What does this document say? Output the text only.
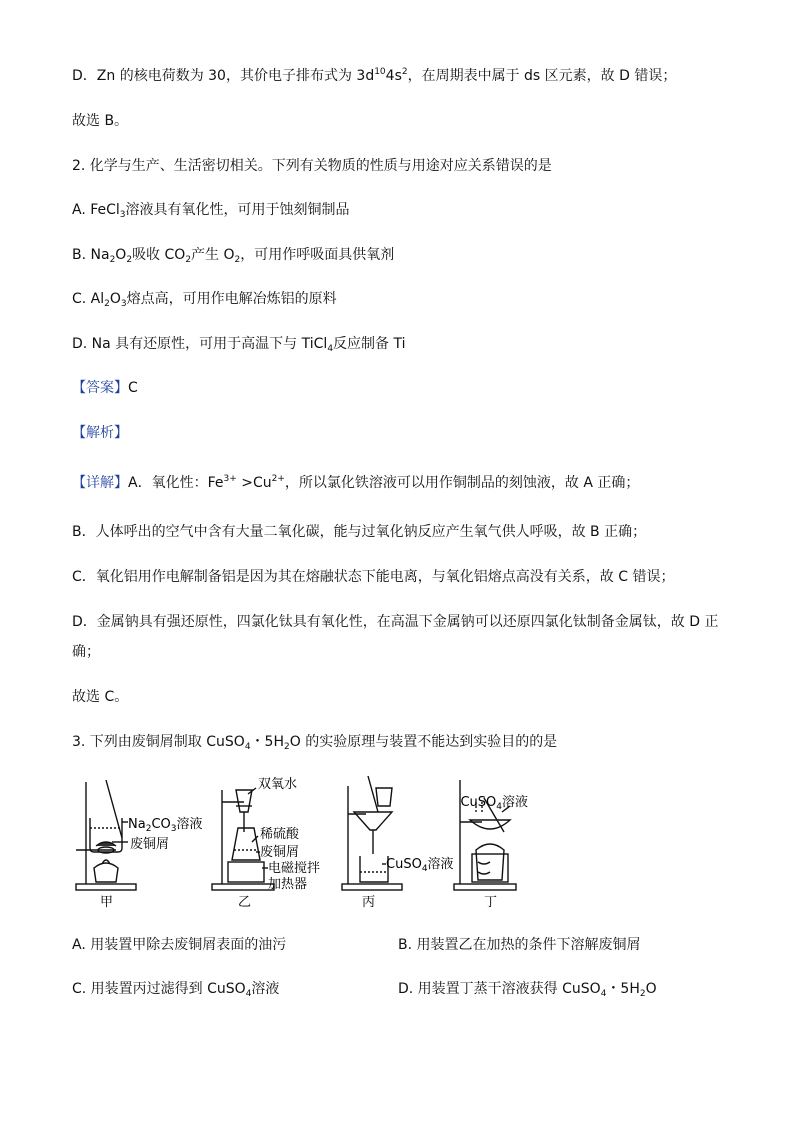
D．Zn 的核电荷数为 30，其价电子排布式为 $3d^{10}4s^2$，在周期表中属于 ds 区元素，故 D 错误；
故选 B。
2. 化学与生产、生活密切相关。下列有关物质的性质与用途对应关系错误的是
A. FeCl$_3$溶液具有氧化性，可用于蚀刻铜制品
B. $Na_2O_2$吸收 $CO_2$产生 $O_2$，可用作呼吸面具供氧剂
C. $Al_2O_3$熔点高，可用作电解冶炼铝的原料
D. Na 具有还原性，可用于高温下与 TiCl$_4$反应制备 Ti
【答案】C
【解析】
【详解】A．氧化性：$Fe^{3+} >Cu^{2+}$，所以氯化铁溶液可以用作铜制品的刻蚀液，故 A 正确；
B．人体呼出的空气中含有大量二氧化碳，能与过氧化钠反应产生氧气供人呼吸，故 B 正确；
C．氧化铝用作电解制备铝是因为其在熔融状态下能电离，与氧化铝熔点高没有关系，故 C 错误；
D．金属钠具有强还原性，四氯化钛具有氧化性，在高温下金属钠可以还原四氯化钛制备金属钛，故 D 正
确；
故选 C。
3. 下列由废铜屑制取 CuSO$_4$・$5H_2O$ 的实验原理与装置不能达到实验目的的是
$Na_2CO_3$溶液
废铜屑
甲
双氧水
稀硫酸
废铜屑
电磁搅拌
加热器
乙
CuSO$_4$溶液
丙
CuSO$_4$溶液
丁
A. 用装置甲除去废铜屑表面的油污	B. 用装置乙在加热的条件下溶解废铜屑
C. 用装置丙过滤得到 CuSO$_4$溶液	D. 用装置丁蒸干溶液获得 CuSO$_4$・$5H_2O$
